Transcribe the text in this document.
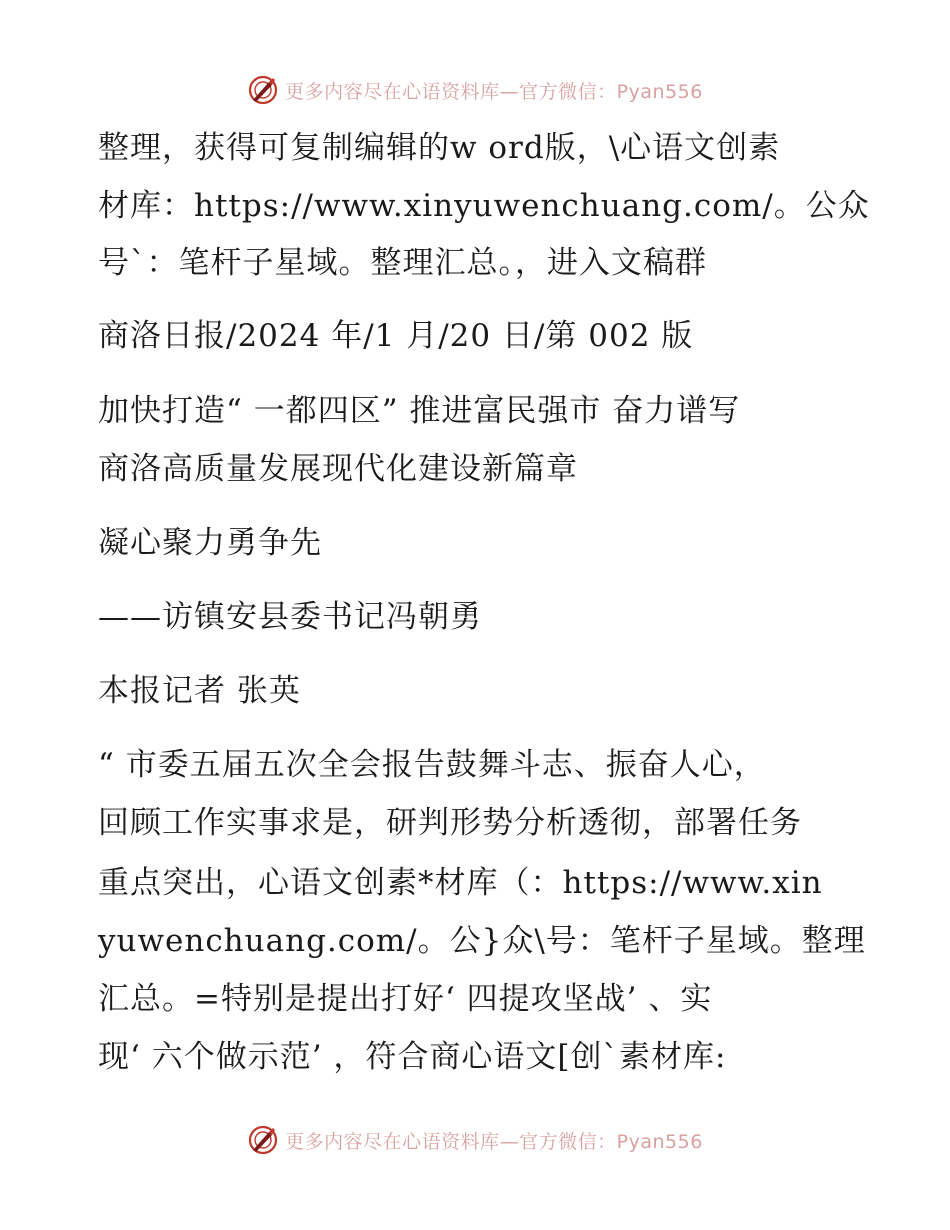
更多内容尽在心语资料库—官方微信：Pyan556
整理，获得可复制编辑的w ord版，\心语文创素
材库：https://www.xinyuwenchuang.com/。公众
号`：笔杆子星域。整理汇总。，进入文稿群
商洛日报/2024 年/1 月/20 日/第 002 版
加快打造“ 一都四区” 推进富民强市 奋力谱写
商洛高质量发展现代化建设新篇章
凝心聚力勇争先
——访镇安县委书记冯朝勇
本报记者 张英
“ 市委五届五次全会报告鼓舞斗志、振奋人心，
回顾工作实事求是，研判形势分析透彻，部署任务
重点突出，心语文创素*材库（：https://www.xin
yuwenchuang.com/。公}众\号：笔杆子星域。整理
汇总。=特别是提出打好‘ 四提攻坚战’ 、实
现‘ 六个做示范’ ，符合商心语文[创`素材库:
更多内容尽在心语资料库—官方微信：Pyan556
